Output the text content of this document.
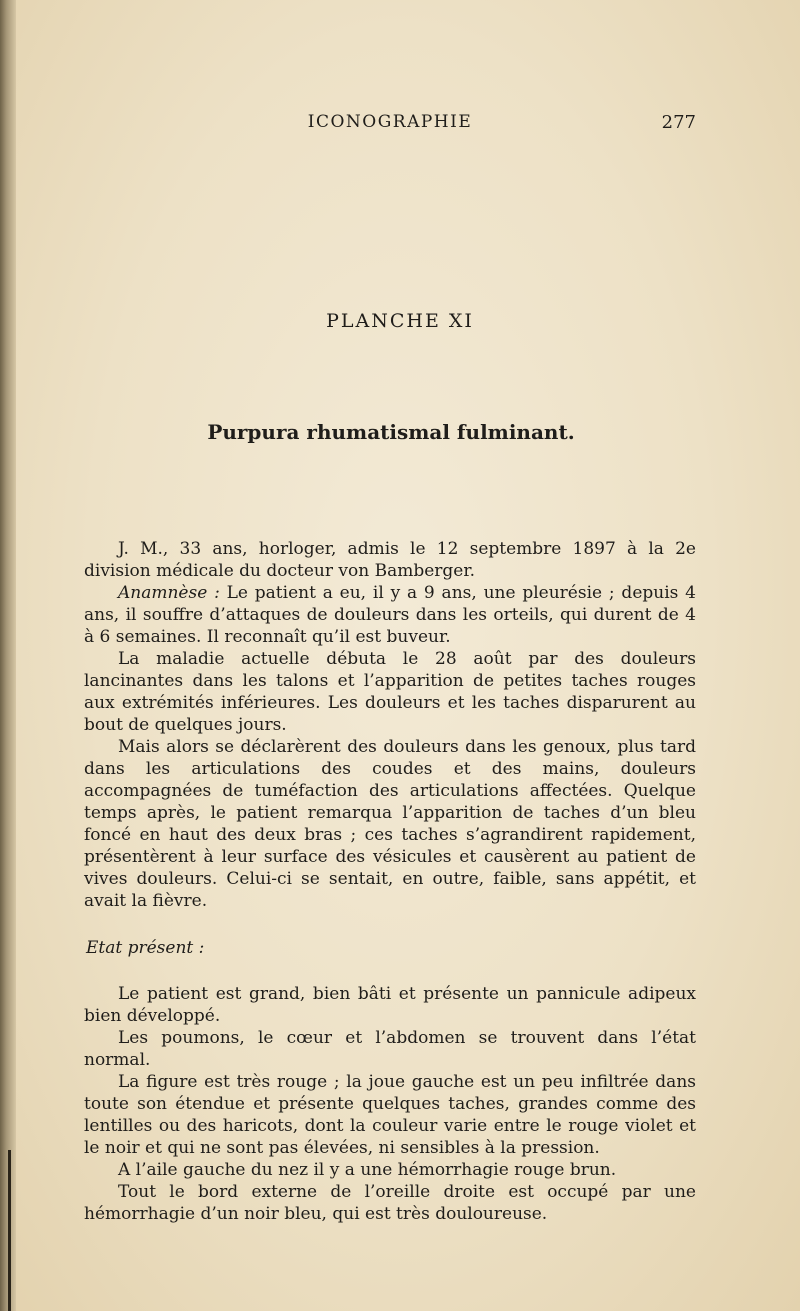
ICONOGRAPHIE	277
PLANCHE XI
Purpura rhumatismal fulminant.

J. M., 33 ans, horloger, admis le 12 septembre 1897 à la 2e division médicale du docteur von Bamberger.

Anamnèse : Le patient a eu, il y a 9 ans, une pleurésie ; depuis 4 ans, il souffre d’attaques de douleurs dans les orteils, qui durent de 4 à 6 semaines. Il reconnaît qu’il est buveur.

La maladie actuelle débuta le 28 août par des douleurs lancinantes dans les talons et l’apparition de petites taches rouges aux extrémités inférieures. Les douleurs et les taches disparurent au bout de quelques jours.

Mais alors se déclarèrent des douleurs dans les genoux, plus tard dans les articulations des coudes et des mains, douleurs accompagnées de tuméfaction des articulations affectées. Quelque temps après, le patient remarqua l’apparition de taches d’un bleu foncé en haut des deux bras ; ces taches s’agrandirent rapidement, présentèrent à leur surface des vésicules et causèrent au patient de vives douleurs. Celui-ci se sentait, en outre, faible, sans appétit, et avait la fièvre.

Etat présent :

Le patient est grand, bien bâti et présente un pannicule adipeux bien développé.

Les poumons, le cœur et l’abdomen se trouvent dans l’état normal.

La figure est très rouge ; la joue gauche est un peu infiltrée dans toute son étendue et présente quelques taches, grandes comme des lentilles ou des haricots, dont la couleur varie entre le rouge violet et le noir et qui ne sont pas élevées, ni sensibles à la pression.

A l’aile gauche du nez il y a une hémorrhagie rouge brun.

Tout le bord externe de l’oreille droite est occupé par une hémorrhagie d’un noir bleu, qui est très douloureuse.
